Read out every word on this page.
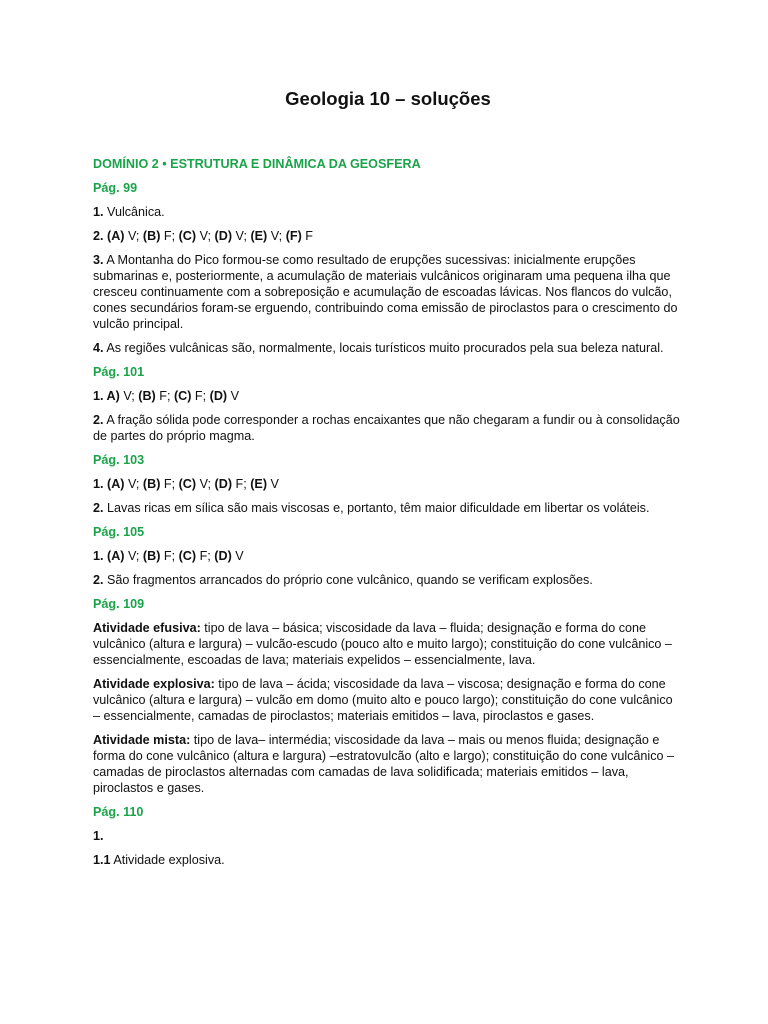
Geologia 10 – soluções
DOMÍNIO 2 • ESTRUTURA E DINÂMICA DA GEOSFERA
Pág. 99
1. Vulcânica.
2. (A) V; (B) F; (C) V; (D) V; (E) V; (F) F
3. A Montanha do Pico formou-se como resultado de erupções sucessivas: inicialmente erupções submarinas e, posteriormente, a acumulação de materiais vulcânicos originaram uma pequena ilha que cresceu continuamente com a sobreposição e acumulação de escoadas lávicas. Nos flancos do vulcão, cones secundários foram-se erguendo, contribuindo coma emissão de piroclastos para o crescimento do vulcão principal.
4. As regiões vulcânicas são, normalmente, locais turísticos muito procurados pela sua beleza natural.
Pág. 101
1. A) V; (B) F; (C) F; (D) V
2. A fração sólida pode corresponder a rochas encaixantes que não chegaram a fundir ou à consolidação de partes do próprio magma.
Pág. 103
1. (A) V; (B) F; (C) V; (D) F; (E) V
2. Lavas ricas em sílica são mais viscosas e, portanto, têm maior dificuldade em libertar os voláteis.
Pág. 105
1. (A) V; (B) F; (C) F; (D) V
2. São fragmentos arrancados do próprio cone vulcânico, quando se verificam explosões.
Pág. 109
Atividade efusiva: tipo de lava – básica; viscosidade da lava – fluida; designação e forma do cone vulcânico (altura e largura) – vulcão-escudo (pouco alto e muito largo); constituição do cone vulcânico – essencialmente, escoadas de lava; materiais expelidos – essencialmente, lava.
Atividade explosiva: tipo de lava – ácida; viscosidade da lava – viscosa; designação e forma do cone vulcânico (altura e largura) – vulcão em domo (muito alto e pouco largo); constituição do cone vulcânico – essencialmente, camadas de piroclastos; materiais emitidos – lava, piroclastos e gases.
Atividade mista: tipo de lava– intermédia; viscosidade da lava – mais ou menos fluida; designação e forma do cone vulcânico (altura e largura) –estratovulcão (alto e largo); constituição do cone vulcânico – camadas de piroclastos alternadas com camadas de lava solidificada; materiais emitidos – lava, piroclastos e gases.
Pág. 110
1.
1.1 Atividade explosiva.
